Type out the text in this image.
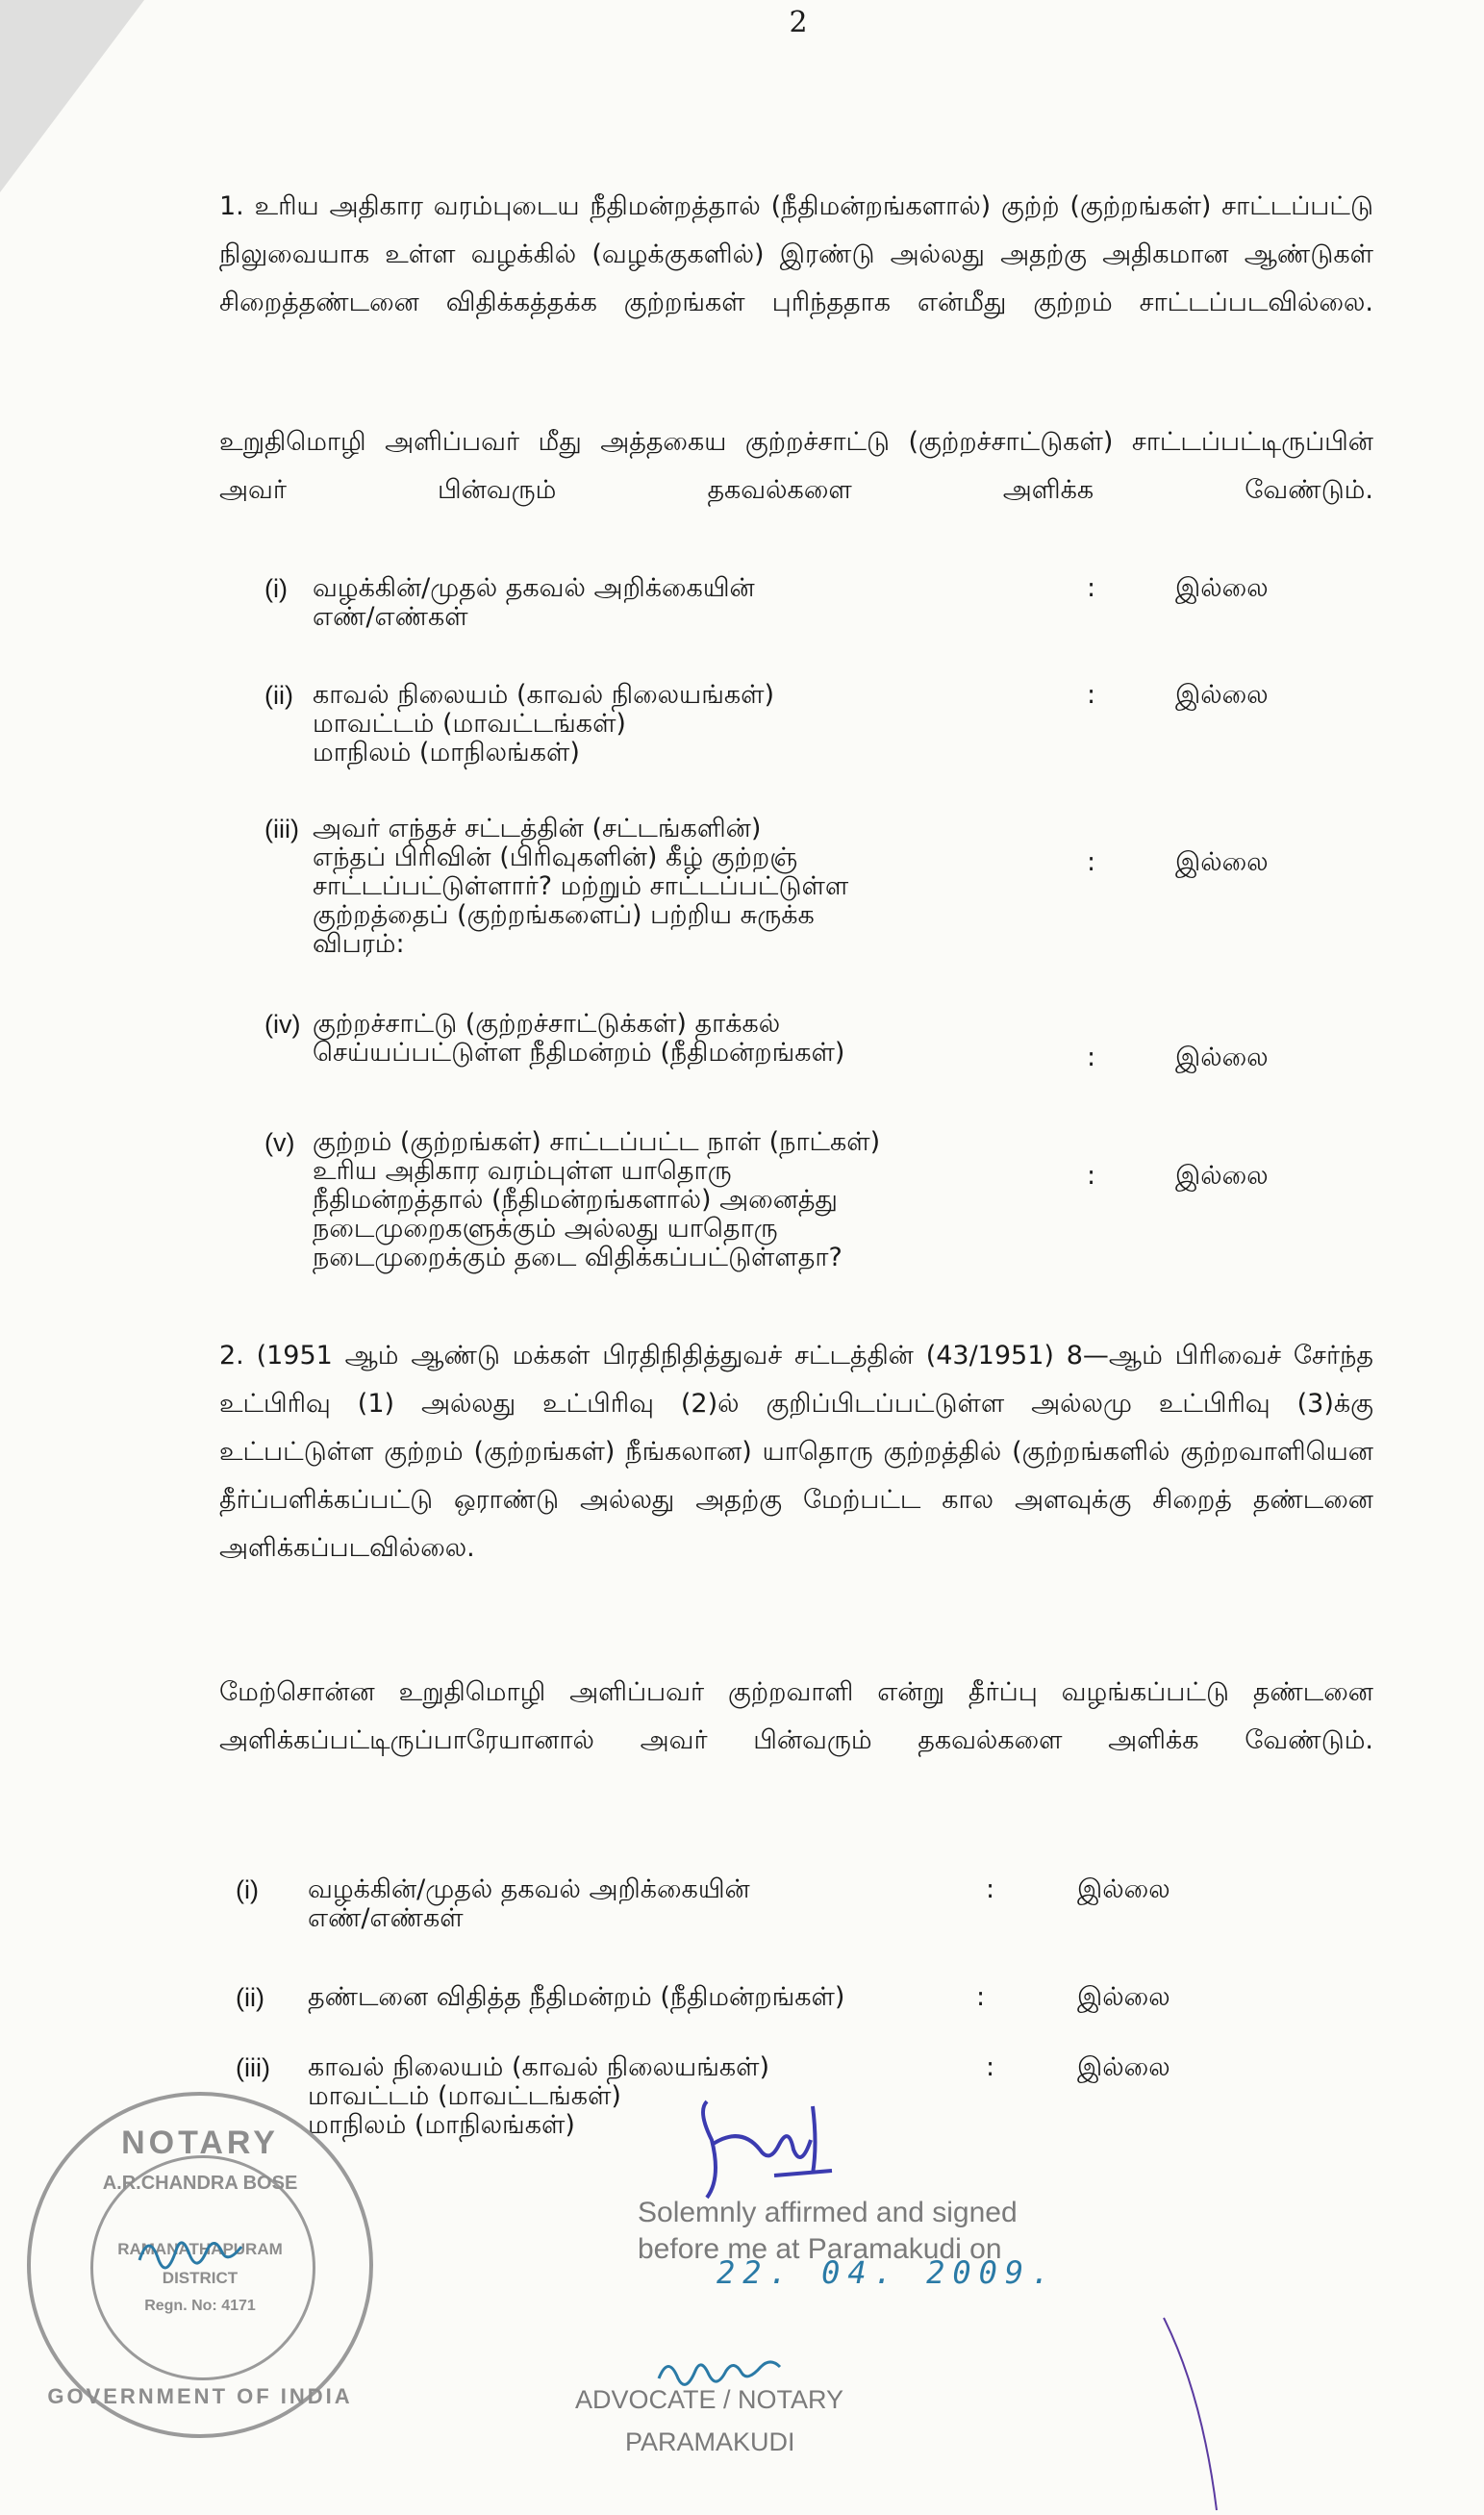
2
1. உரிய அதிகார வரம்புடைய நீதிமன்றத்தால் (நீதிமன்றங்களால்) குற்ற் (குற்றங்கள்) சாட்டப்பட்டு நிலுவையாக உள்ள வழக்கில் (வழக்குகளில்) இரண்டு அல்லது அதற்கு அதிகமான ஆண்டுகள் சிறைத்தண்டனை விதிக்கத்தக்க குற்றங்கள் புரிந்ததாக என்மீது குற்றம் சாட்டப்படவில்லை.
உறுதிமொழி அளிப்பவர் மீது அத்தகைய குற்றச்சாட்டு (குற்றச்சாட்டுகள்) சாட்டப்பட்டிருப்பின் அவர் பின்வரும் தகவல்களை அளிக்க வேண்டும்.
(i) வழக்கின்/முதல் தகவல் அறிக்கையின்
எண்/எண்கள்
:	இல்லை
(ii) காவல் நிலையம் (காவல் நிலையங்கள்)
மாவட்டம் (மாவட்டங்கள்)
மாநிலம் (மாநிலங்கள்)
:	இல்லை
(iii) அவர் எந்தச் சட்டத்தின் (சட்டங்களின்)
எந்தப் பிரிவின் (பிரிவுகளின்) கீழ் குற்றஞ்
சாட்டப்பட்டுள்ளார்? மற்றும் சாட்டப்பட்டுள்ள
குற்றத்தைப் (குற்றங்களைப்) பற்றிய சுருக்க
விபரம்:
:	இல்லை
(iv) குற்றச்சாட்டு (குற்றச்சாட்டுக்கள்) தாக்கல்
செய்யப்பட்டுள்ள நீதிமன்றம் (நீதிமன்றங்கள்)	:	இல்லை
(v) குற்றம் (குற்றங்கள்) சாட்டப்பட்ட நாள் (நாட்கள்)
உரிய அதிகார வரம்புள்ள யாதொரு
நீதிமன்றத்தால் (நீதிமன்றங்களால்) அனைத்து
நடைமுறைகளுக்கும் அல்லது யாதொரு
நடைமுறைக்கும் தடை விதிக்கப்பட்டுள்ளதா?
:	இல்லை
2. (1951 ஆம் ஆண்டு மக்கள் பிரதிநிதித்துவச் சட்டத்தின் (43/1951) 8—ஆம் பிரிவைச் சேர்ந்த உட்பிரிவு (1) அல்லது உட்பிரிவு (2)ல் குறிப்பிடப்பட்டுள்ள அல்லமு உட்பிரிவு (3)க்கு உட்பட்டுள்ள குற்றம் (குற்றங்கள்) நீங்கலான) யாதொரு குற்றத்தில் (குற்றங்களில் குற்றவாளியென தீர்ப்பளிக்கப்பட்டு ஒராண்டு அல்லது அதற்கு மேற்பட்ட கால அளவுக்கு சிறைத் தண்டனை அளிக்கப்படவில்லை.
மேற்சொன்ன உறுதிமொழி அளிப்பவர் குற்றவாளி என்று தீர்ப்பு வழங்கப்பட்டு தண்டனை அளிக்கப்பட்டிருப்பாரேயானால் அவர் பின்வரும் தகவல்களை அளிக்க வேண்டும்.
(i)	வழக்கின்/முதல் தகவல் அறிக்கையின்
எண்/எண்கள்
:	இல்லை
(ii)	தண்டனை விதித்த நீதிமன்றம் (நீதிமன்றங்கள்)	:	இல்லை
(iii)	காவல் நிலையம் (காவல் நிலையங்கள்)
மாவட்டம் (மாவட்டங்கள்)
மாநிலம் (மாநிலங்கள்)
:	இல்லை
NOTARY
A.R.CHANDRA BOSE
RAMANATHAPURAM
DISTRICT
Regn. No: 4171
GOVERNMENT OF INDIA
Solemnly affirmed and signed
before me at Paramakudi on
22. 04. 2009.
ADVOCATE / NOTARY
PARAMAKUDI
